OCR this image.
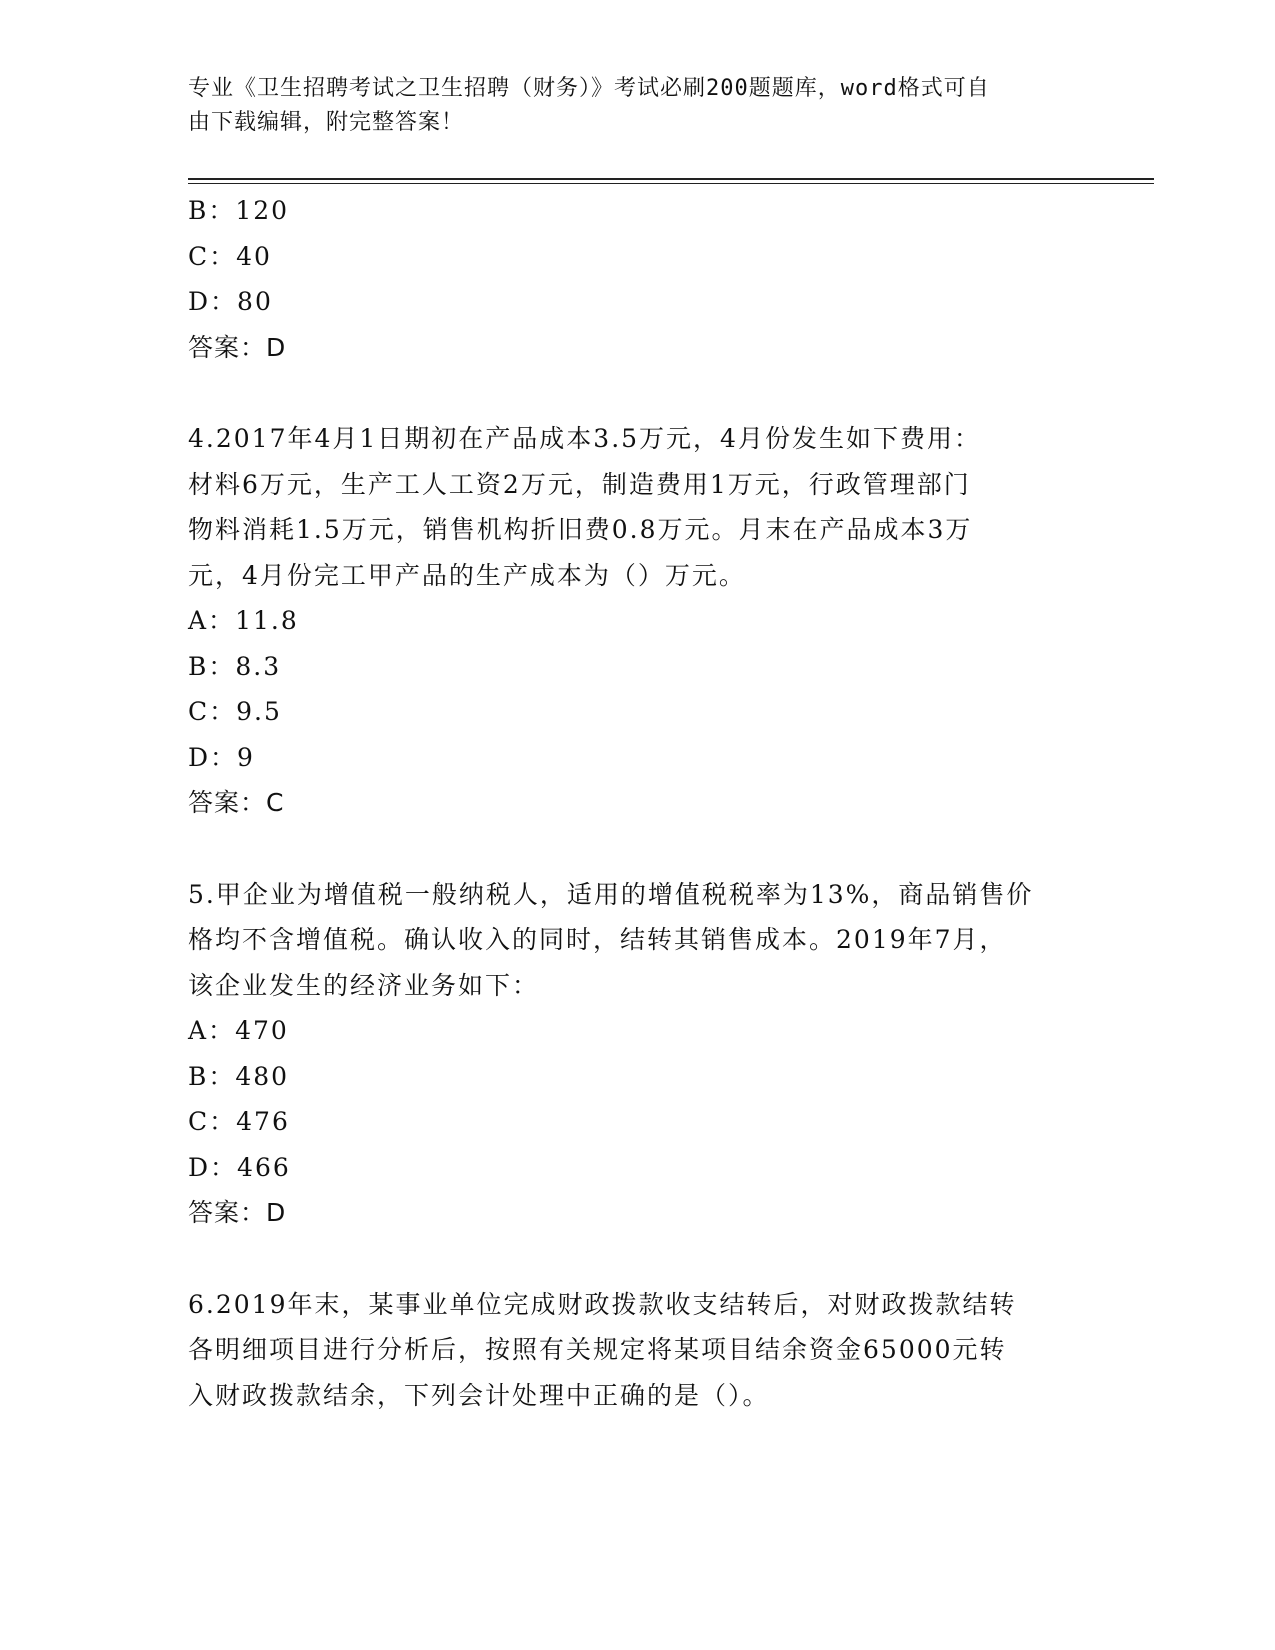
专业《卫生招聘考试之卫生招聘（财务）》考试必刷200题题库，word格式可自
由下载编辑，附完整答案！
B：120
C：40
D：80
答案：D
4.2017年4月1日期初在产品成本3.5万元，4月份发生如下费用：
材料6万元，生产工人工资2万元，制造费用1万元，行政管理部门
物料消耗1.5万元，销售机构折旧费0.8万元。月末在产品成本3万
元，4月份完工甲产品的生产成本为（）万元。
A：11.8
B：8.3
C：9.5
D：9
答案：C
5.甲企业为增值税一般纳税人，适用的增值税税率为13%，商品销售价
格均不含增值税。确认收入的同时，结转其销售成本。2019年7月，
该企业发生的经济业务如下：
A：470
B：480
C：476
D：466
答案：D
6.2019年末，某事业单位完成财政拨款收支结转后，对财政拨款结转
各明细项目进行分析后，按照有关规定将某项目结余资金65000元转
入财政拨款结余，下列会计处理中正确的是（）。
